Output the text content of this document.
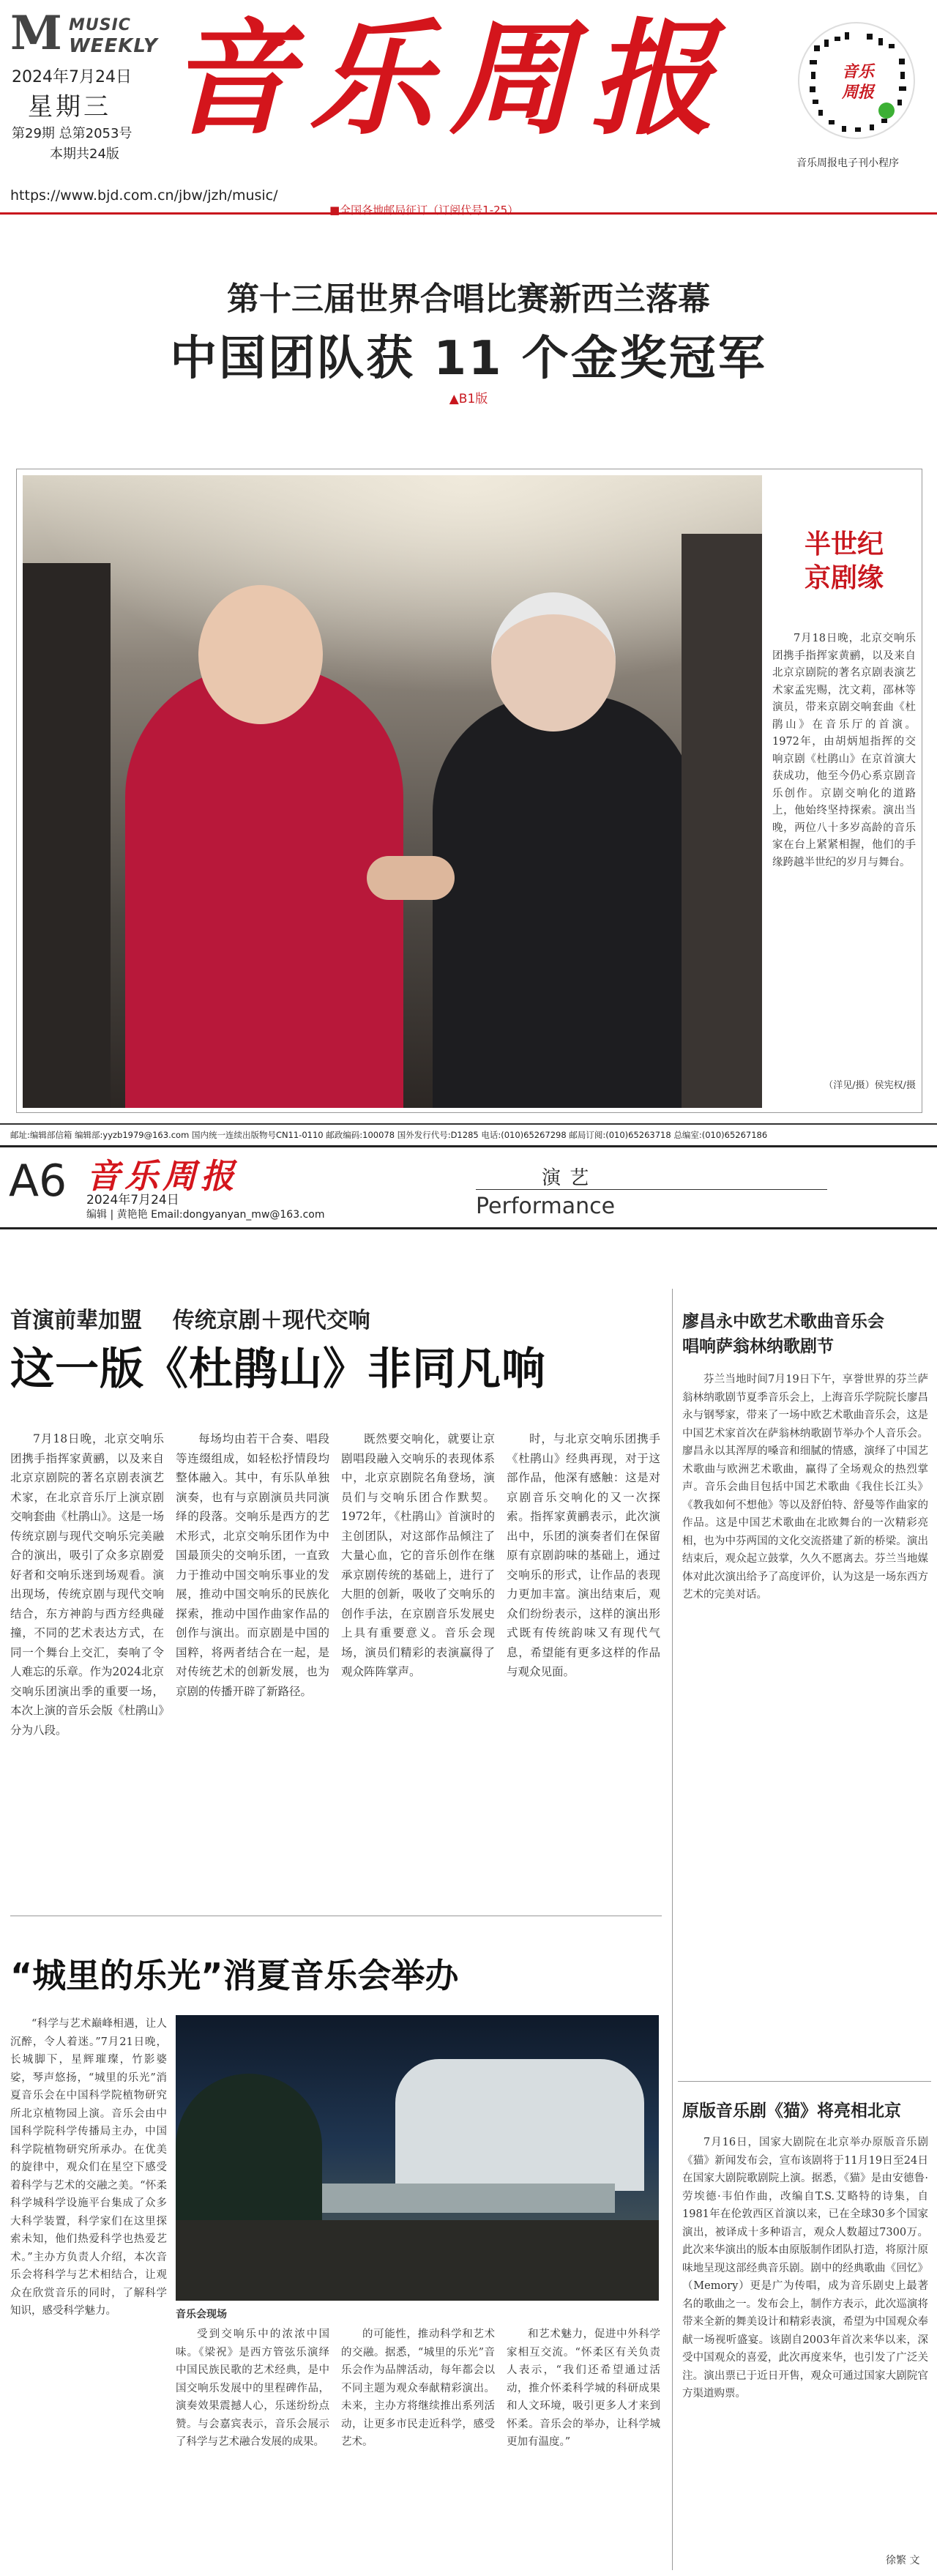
M MUSIC
WEEKLY
2024年7月24日
星期三
第29期 总第2053号
本期共24版
音乐周报
https://www.bjd.com.cn/jbw/jzh/music/
■全国各地邮局征订（订阅代号1-25）
音乐周报
音乐周报电子刊小程序
第十三届世界合唱比赛新西兰落幕
中国团队获 11 个金奖冠军
▲B1版
半世纪
京剧缘
7月18日晚，北京交响乐团携手指挥家黄鹂，以及来自北京京剧院的著名京剧表演艺术家孟宪赐，沈文莉，邵林等演员，带来京剧交响套曲《杜鹃山》在音乐厅的首演。1972年，由胡炳旭指挥的交响京剧《杜鹃山》在京首演大获成功，他至今仍心系京剧音乐创作。京剧交响化的道路上，他始终坚持探索。演出当晚，两位八十多岁高龄的音乐家在台上紧紧相握，他们的手缘跨越半世纪的岁月与舞台。
（洋见/摄）侯宪权/摄
邮址:编辑部信箱 编辑部:yyzb1979@163.com 国内统一连续出版物号CN11-0110 邮政编码:100078 国外发行代号:D1285 电话:(010)65267298 邮局订阅:(010)65263718 总编室:(010)65267186
A6 音乐周报
2024年7月24日
编辑 | 黄艳艳 Email:dongyanyan_mw@163.com
演 艺
Performance
首演前辈加盟    传统京剧＋现代交响
这一版《杜鹃山》非同凡响
7月18日晚，北京交响乐团携手指挥家黄鹂，以及来自北京京剧院的著名京剧表演艺术家，在北京音乐厅上演京剧交响套曲《杜鹃山》。这是一场传统京剧与现代交响乐完美融合的演出，吸引了众多京剧爱好者和交响乐迷到场观看。演出现场，传统京剧与现代交响结合，东方神韵与西方经典碰撞，不同的艺术表达方式，在同一个舞台上交汇，奏响了令人难忘的乐章。作为2024北京交响乐团演出季的重要一场，本次上演的音乐会版《杜鹃山》分为八段。
每场均由若干合奏、唱段等连缀组成，如轻松抒情段均整体融入。其中，有乐队单独演奏，也有与京剧演员共同演绎的段落。交响乐是西方的艺术形式，北京交响乐团作为中国最顶尖的交响乐团，一直致力于推动中国交响乐事业的发展，推动中国交响乐的民族化探索，推动中国作曲家作品的创作与演出。而京剧是中国的国粹，将两者结合在一起，是对传统艺术的创新发展，也为京剧的传播开辟了新路径。
既然要交响化，就要让京剧唱段融入交响乐的表现体系中，北京京剧院名角登场，演员们与交响乐团合作默契。1972年，《杜鹃山》首演时的主创团队，对这部作品倾注了大量心血，它的音乐创作在继承京剧传统的基础上，进行了大胆的创新，吸收了交响乐的创作手法，在京剧音乐发展史上具有重要意义。音乐会现场，演员们精彩的表演赢得了观众阵阵掌声。
时，与北京交响乐团携手《杜鹃山》经典再现，对于这部作品，他深有感触：这是对京剧音乐交响化的又一次探索。指挥家黄鹂表示，此次演出中，乐团的演奏者们在保留原有京剧韵味的基础上，通过交响乐的形式，让作品的表现力更加丰富。演出结束后，观众们纷纷表示，这样的演出形式既有传统韵味又有现代气息，希望能有更多这样的作品与观众见面。
廖昌永中欧艺术歌曲音乐会
唱响萨翁林纳歌剧节
芬兰当地时间7月19日下午，享誉世界的芬兰萨翁林纳歌剧节夏季音乐会上，上海音乐学院院长廖昌永与钢琴家，带来了一场中欧艺术歌曲音乐会，这是中国艺术家首次在萨翁林纳歌剧节举办个人音乐会。廖昌永以其浑厚的嗓音和细腻的情感，演绎了中国艺术歌曲与欧洲艺术歌曲，赢得了全场观众的热烈掌声。音乐会曲目包括中国艺术歌曲《我住长江头》《教我如何不想他》等以及舒伯特、舒曼等作曲家的作品。这是中国艺术歌曲在北欧舞台的一次精彩亮相，也为中芬两国的文化交流搭建了新的桥梁。演出结束后，观众起立鼓掌，久久不愿离去。芬兰当地媒体对此次演出给予了高度评价，认为这是一场东西方艺术的完美对话。
原版音乐剧《猫》将亮相北京
7月16日，国家大剧院在北京举办原版音乐剧《猫》新闻发布会，宣布该剧将于11月19日至24日在国家大剧院歌剧院上演。据悉，《猫》是由安德鲁·劳埃德·韦伯作曲，改编自T.S.艾略特的诗集，自1981年在伦敦西区首演以来，已在全球30多个国家演出，被译成十多种语言，观众人数超过7300万。此次来华演出的版本由原版制作团队打造，将原汁原味地呈现这部经典音乐剧。剧中的经典歌曲《回忆》（Memory）更是广为传唱，成为音乐剧史上最著名的歌曲之一。发布会上，制作方表示，此次巡演将带来全新的舞美设计和精彩表演，希望为中国观众奉献一场视听盛宴。该剧自2003年首次来华以来，深受中国观众的喜爱，此次再度来华，也引发了广泛关注。演出票已于近日开售，观众可通过国家大剧院官方渠道购票。
“城里的乐光”消夏音乐会举办
“科学与艺术巅峰相遇，让人沉醉，令人着迷。”7月21日晚，长城脚下，星辉璀璨，竹影婆娑，琴声悠扬，“城里的乐光”消夏音乐会在中国科学院植物研究所北京植物园上演。音乐会由中国科学院科学传播局主办，中国科学院植物研究所承办。在优美的旋律中，观众们在星空下感受着科学与艺术的交融之美。“怀柔科学城科学设施平台集成了众多大科学装置，科学家们在这里探索未知，他们热爱科学也热爱艺术。”主办方负责人介绍，本次音乐会将科学与艺术相结合，让观众在欣赏音乐的同时，了解科学知识，感受科学魅力。	音乐会现场
受到交响乐中的浓浓中国味。《梁祝》是西方管弦乐演绎中国民族民歌的艺术经典，是中国交响乐发展中的里程碑作品，演奏效果震撼人心，乐迷纷纷点赞。与会嘉宾表示，音乐会展示了科学与艺术融合发展的成果。
的可能性，推动科学和艺术的交融。据悉，“城里的乐光”音乐会作为品牌活动，每年都会以不同主题为观众奉献精彩演出。未来，主办方将继续推出系列活动，让更多市民走近科学，感受艺术。
和艺术魅力，促进中外科学家相互交流。“怀柔区有关负责人表示，“我们还希望通过活动，推介怀柔科学城的科研成果和人文环境，吸引更多人才来到怀柔。音乐会的举办，让科学城更加有温度。”
徐繁 文
